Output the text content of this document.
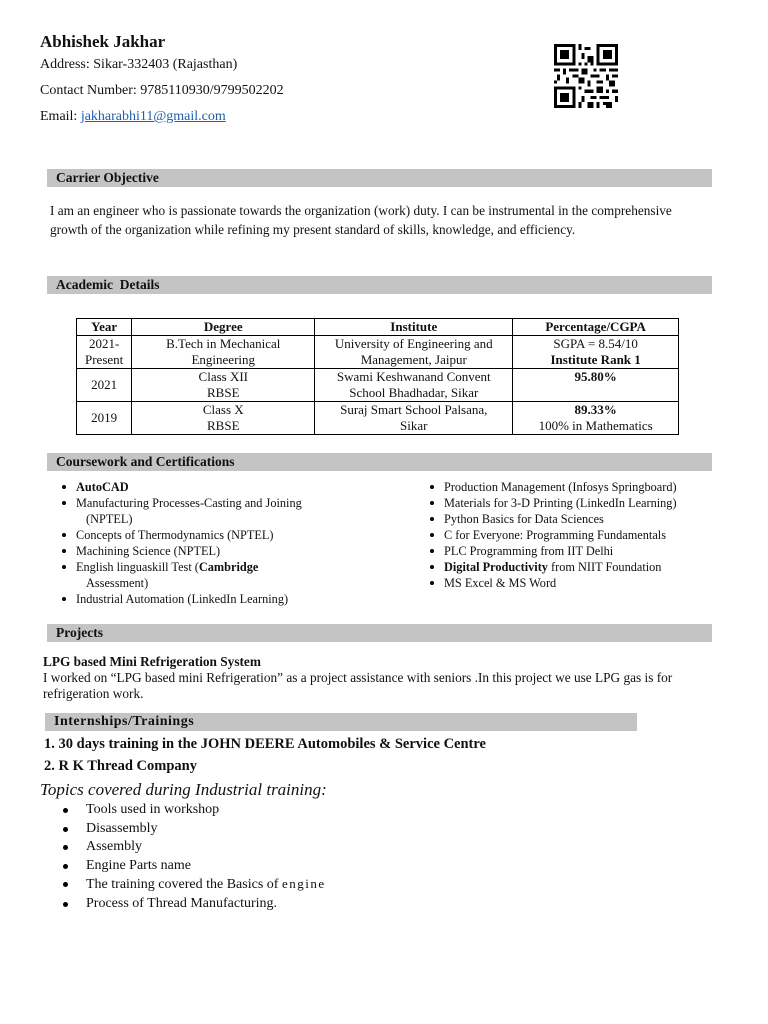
Abhishek Jakhar
Address: Sikar-332403 (Rajasthan)
Contact Number: 9785110930/9799502202
Email: jakharabhi11@gmail.com
Carrier Objective
I am an engineer who is passionate towards the organization (work) duty. I can be instrumental in the comprehensive growth of the organization while refining my present standard of skills, knowledge, and efficiency.
Academic  Details
Year	Degree	Institute	Percentage/CGPA
2021-Present	B.Tech in Mechanical Engineering	University of Engineering and Management, Jaipur	SGPA = 8.54/10
Institute Rank 1

2021	Class XII RBSE	Swami Keshwanand Convent School Bhadhadar, Sikar	95.80%

2019	Class X RBSE	Suraj Smart School Palsana, Sikar	89.33%
100% in Mathematics
Coursework and Certifications
AutoCAD
Manufacturing Processes-Casting and Joining
(NPTEL)
Concepts of Thermodynamics (NPTEL)
Machining Science (NPTEL)
English linguaskill Test (Cambridge
Assessment)
Industrial Automation (LinkedIn Learning)
Production Management (Infosys Springboard)
Materials for 3-D Printing (LinkedIn Learning)
Python Basics for Data Sciences
C for Everyone: Programming Fundamentals
PLC Programming from IIT Delhi
Digital Productivity from NIIT Foundation
MS Excel & MS Word
Projects
LPG based Mini Refrigeration System
I worked on “LPG based mini Refrigeration” as a project assistance with seniors .In this project we use LPG gas is for refrigeration work.
Internships/Trainings
1. 30 days training in the JOHN DEERE Automobiles & Service Centre
2. R K Thread Company
Topics covered during Industrial training:
Tools used in workshop
Disassembly
Assembly
Engine Parts name
The training covered the Basics of engine
Process of Thread Manufacturing.
